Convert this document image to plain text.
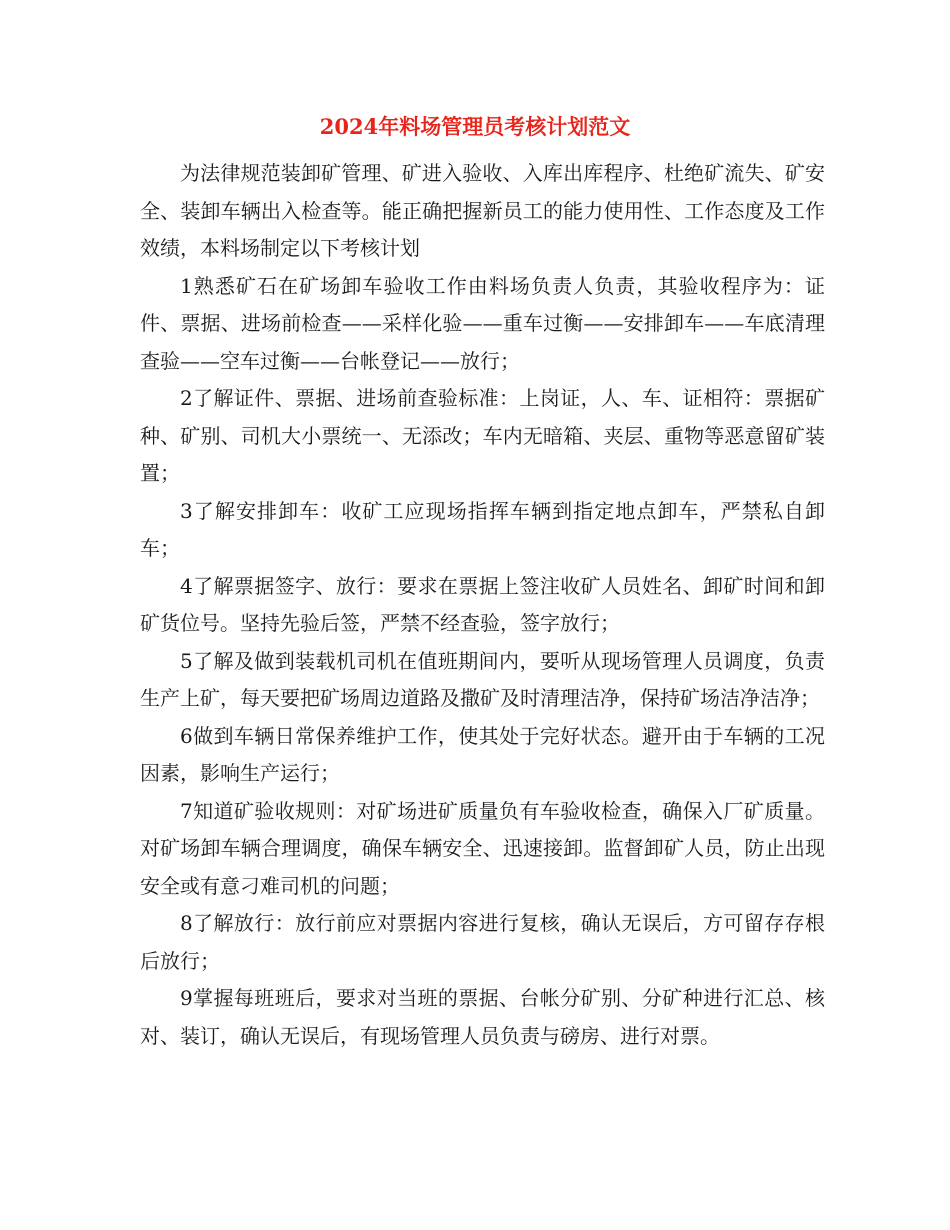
2024年料场管理员考核计划范文

为法律规范装卸矿管理、矿进入验收、入库出库程序、杜绝矿流失、矿安全、装卸车辆出入检查等。能正确把握新员工的能力使用性、工作态度及工作效绩，本料场制定以下考核计划

1熟悉矿石在矿场卸车验收工作由料场负责人负责，其验收程序为：证件、票据、进场前检查——采样化验——重车过衡——安排卸车——车底清理查验——空车过衡——台帐登记——放行；

2了解证件、票据、进场前查验标准：上岗证，人、车、证相符：票据矿种、矿别、司机大小票统一、无添改；车内无暗箱、夹层、重物等恶意留矿装置；

3了解安排卸车：收矿工应现场指挥车辆到指定地点卸车，严禁私自卸车；

4了解票据签字、放行：要求在票据上签注收矿人员姓名、卸矿时间和卸矿货位号。坚持先验后签，严禁不经查验，签字放行；

5了解及做到装载机司机在值班期间内，要听从现场管理人员调度，负责生产上矿，每天要把矿场周边道路及撒矿及时清理洁净，保持矿场洁净洁净；

6做到车辆日常保养维护工作，使其处于完好状态。避开由于车辆的工况因素，影响生产运行；

7知道矿验收规则：对矿场进矿质量负有车验收检查，确保入厂矿质量。对矿场卸车辆合理调度，确保车辆安全、迅速接卸。监督卸矿人员，防止出现安全或有意刁难司机的问题；

8了解放行：放行前应对票据内容进行复核，确认无误后，方可留存存根后放行；

9掌握每班班后，要求对当班的票据、台帐分矿别、分矿种进行汇总、核对、装订，确认无误后，有现场管理人员负责与磅房、进行对票。
